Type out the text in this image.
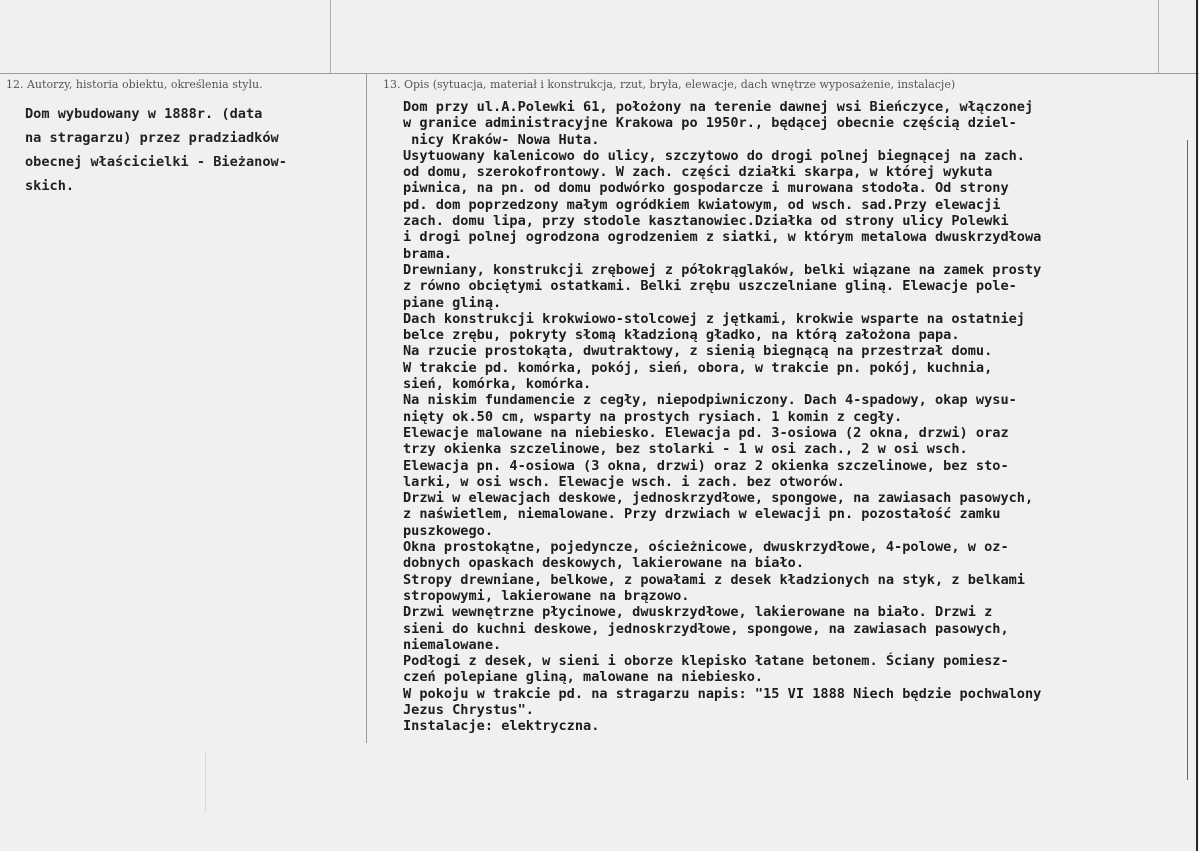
12. Autorzy, historia obiektu, określenia stylu.	13. Opis (sytuacja, materiał i konstrukcja, rzut, bryła, elewacje, dach wnętrze wyposażenie, instalacje)
Dom wybudowany w 1888r. (data
na stragarzu) przez pradziadków
obecnej właścicielki - Bieżanow-
skich.
Dom przy ul.A.Polewki 61, położony na terenie dawnej wsi Bieńczyce, włączonej
w granice administracyjne Krakowa po 1950r., będącej obecnie częścią dziel-
nicy Kraków- Nowa Huta.
Usytuowany kalenicowo do ulicy, szczytowo do drogi polnej biegnącej na zach.
od domu, szerokofrontowy. W zach. części działki skarpa, w której wykuta
piwnica, na pn. od domu podwórko gospodarcze i murowana stodoła. Od strony
pd. dom poprzedzony małym ogródkiem kwiatowym, od wsch. sad.Przy elewacji
zach. domu lipa, przy stodole kasztanowiec.Działka od strony ulicy Polewki
i drogi polnej ogrodzona ogrodzeniem z siatki, w którym metalowa dwuskrzydłowa
brama.
Drewniany, konstrukcji zrębowej z półokrąglaków, belki wiązane na zamek prosty
z równo obciętymi ostatkami. Belki zrębu uszczelniane gliną. Elewacje pole-
piane gliną.
Dach konstrukcji krokwiowo-stolcowej z jętkami, krokwie wsparte na ostatniej
belce zrębu, pokryty słomą kładzioną gładko, na którą założona papa.
Na rzucie prostokąta, dwutraktowy, z sienią biegnącą na przestrzał domu.
W trakcie pd. komórka, pokój, sień, obora, w trakcie pn. pokój, kuchnia,
sień, komórka, komórka.
Na niskim fundamencie z cegły, niepodpiwniczony. Dach 4-spadowy, okap wysu-
nięty ok.50 cm, wsparty na prostych rysiach. 1 komin z cegły.
Elewacje malowane na niebiesko. Elewacja pd. 3-osiowa (2 okna, drzwi) oraz
trzy okienka szczelinowe, bez stolarki - 1 w osi zach., 2 w osi wsch.
Elewacja pn. 4-osiowa (3 okna, drzwi) oraz 2 okienka szczelinowe, bez sto-
larki, w osi wsch. Elewacje wsch. i zach. bez otworów.
Drzwi w elewacjach deskowe, jednoskrzydłowe, spongowe, na zawiasach pasowych,
z naświetlem, niemalowane. Przy drzwiach w elewacji pn. pozostałość zamku
puszkowego.
Okna prostokątne, pojedyncze, ościeżnicowe, dwuskrzydłowe, 4-polowe, w oz-
dobnych opaskach deskowych, lakierowane na biało.
Stropy drewniane, belkowe, z powałami z desek kładzionych na styk, z belkami
stropowymi, lakierowane na brązowo.
Drzwi wewnętrzne płycinowe, dwuskrzydłowe, lakierowane na biało. Drzwi z
sieni do kuchni deskowe, jednoskrzydłowe, spongowe, na zawiasach pasowych,
niemalowane.
Podłogi z desek, w sieni i oborze klepisko łatane betonem. Ściany pomiesz-
czeń polepiane gliną, malowane na niebiesko.
W pokoju w trakcie pd. na stragarzu napis: "15 VI 1888 Niech będzie pochwalony
Jezus Chrystus".
Instalacje: elektryczna.
